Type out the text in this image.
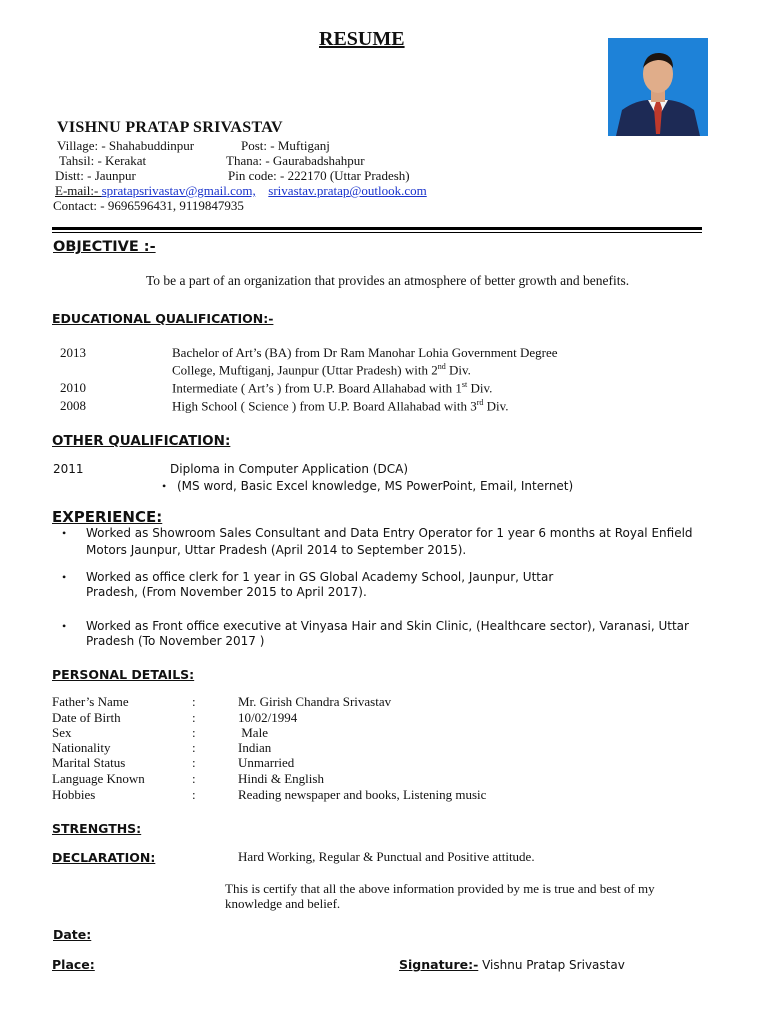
RESUME
VISHNU PRATAP SRIVASTAV
Village: - Shahabuddinpur	Post: - Muftiganj
Tahsil: - Kerakat	Thana: - Gaurabadshahpur
Distt: - Jaunpur	Pin code: - 222170 (Uttar Pradesh)
E-mail:- spratapsrivastav@gmail.com, srivastav.pratap@outlook.com
Contact: - 9696596431, 9119847935
OBJECTIVE :-
To be a part of an organization that provides an atmosphere of better growth and benefits.
EDUCATIONAL QUALIFICATION:-
2013	Bachelor of Art’s (BA) from Dr Ram Manohar Lohia Government Degree
College, Muftiganj, Jaunpur (Uttar Pradesh) with 2nd Div.
2010	Intermediate ( Art’s ) from U.P. Board Allahabad with 1st Div.
2008	High School ( Science ) from U.P. Board Allahabad with 3rd Div.
OTHER QUALIFICATION:
2011	Diploma in Computer Application (DCA)
• (MS word, Basic Excel knowledge, MS PowerPoint, Email, Internet)
EXPERIENCE:
• Worked as Showroom Sales Consultant and Data Entry Operator for 1 year 6 months at Royal Enfield
Motors Jaunpur, Uttar Pradesh (April 2014 to September 2015).
• Worked as office clerk for 1 year in GS Global Academy School, Jaunpur, Uttar
Pradesh, (From November 2015 to April 2017).
• Worked as Front office executive at Vinyasa Hair and Skin Clinic, (Healthcare sector), Varanasi, Uttar
Pradesh (To November 2017 )
PERSONAL DETAILS:
Father’s Name	:	Mr. Girish Chandra Srivastav
Date of Birth	:	10/02/1994
Sex	:	Male
Nationality	:	Indian
Marital Status	:	Unmarried
Language Known	:	Hindi & English
Hobbies	:	Reading newspaper and books, Listening music
STRENGTHS:
Hard Working, Regular & Punctual and Positive attitude.
DECLARATION:
This is certify that all the above information provided by me is true and best of my
knowledge and belief.
Date:
Place:	Signature:- Vishnu Pratap Srivastav
